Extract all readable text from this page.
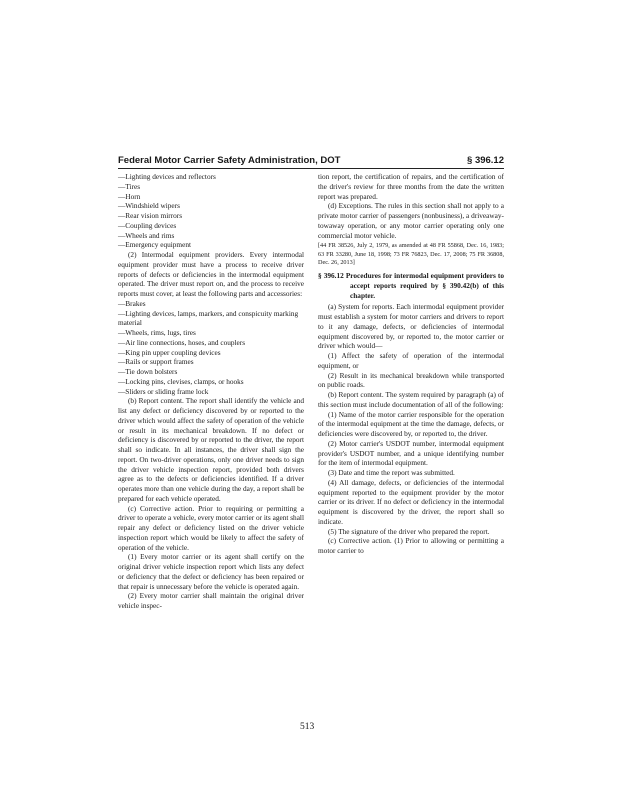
Federal Motor Carrier Safety Administration, DOT	§ 396.12

—Lighting devices and reflectors

—Tires

—Horn

—Windshield wipers

—Rear vision mirrors

—Coupling devices

—Wheels and rims

—Emergency equipment

(2) Intermodal equipment providers. Every intermodal equipment provider must have a process to receive driver reports of defects or deficiencies in the intermodal equipment operated. The driver must report on, and the process to receive reports must cover, at least the following parts and accessories:

—Brakes

—Lighting devices, lamps, markers, and conspicuity marking material

—Wheels, rims, lugs, tires

—Air line connections, hoses, and couplers

—King pin upper coupling devices

—Rails or support frames

—Tie down bolsters

—Locking pins, clevises, clamps, or hooks

—Sliders or sliding frame lock

(b) Report content. The report shall identify the vehicle and list any defect or deficiency discovered by or reported to the driver which would affect the safety of operation of the vehicle or result in its mechanical breakdown. If no defect or deficiency is discovered by or reported to the driver, the report shall so indicate. In all instances, the driver shall sign the report. On two-driver operations, only one driver needs to sign the driver vehicle inspection report, provided both drivers agree as to the defects or deficiencies identified. If a driver operates more than one vehicle during the day, a report shall be prepared for each vehicle operated.

(c) Corrective action. Prior to requiring or permitting a driver to operate a vehicle, every motor carrier or its agent shall repair any defect or deficiency listed on the driver vehicle inspection report which would be likely to affect the safety of operation of the vehicle.

(1) Every motor carrier or its agent shall certify on the original driver vehicle inspection report which lists any defect or deficiency that the defect or deficiency has been repaired or that repair is unnecessary before the vehicle is operated again.

(2) Every motor carrier shall maintain the original driver vehicle inspec-

tion report, the certification of repairs, and the certification of the driver's review for three months from the date the written report was prepared.

(d) Exceptions. The rules in this section shall not apply to a private motor carrier of passengers (nonbusiness), a driveaway-towaway operation, or any motor carrier operating only one commercial motor vehicle.

[44 FR 38526, July 2, 1979, as amended at 48 FR 55868, Dec. 16, 1983; 63 FR 33280, June 18, 1998; 73 FR 76823, Dec. 17, 2008; 75 FR 36808, Dec. 26, 2013]

§ 396.12 Procedures for intermodal equipment providers to accept reports required by § 390.42(b) of this chapter.

(a) System for reports. Each intermodal equipment provider must establish a system for motor carriers and drivers to report to it any damage, defects, or deficiencies of intermodal equipment discovered by, or reported to, the motor carrier or driver which would—

(1) Affect the safety of operation of the intermodal equipment, or

(2) Result in its mechanical breakdown while transported on public roads.

(b) Report content. The system required by paragraph (a) of this section must include documentation of all of the following:

(1) Name of the motor carrier responsible for the operation of the intermodal equipment at the time the damage, defects, or deficiencies were discovered by, or reported to, the driver.

(2) Motor carrier's USDOT number, intermodal equipment provider's USDOT number, and a unique identifying number for the item of intermodal equipment.

(3) Date and time the report was submitted.

(4) All damage, defects, or deficiencies of the intermodal equipment reported to the equipment provider by the motor carrier or its driver. If no defect or deficiency in the intermodal equipment is discovered by the driver, the report shall so indicate.

(5) The signature of the driver who prepared the report.

(c) Corrective action. (1) Prior to allowing or permitting a motor carrier to

513
